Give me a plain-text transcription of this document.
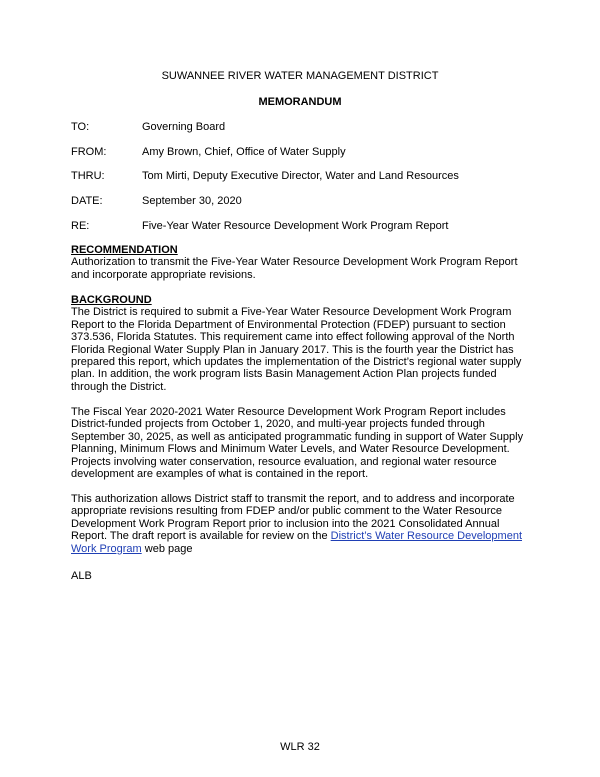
SUWANNEE RIVER WATER MANAGEMENT DISTRICT
MEMORANDUM
TO:	Governing Board
FROM:	Amy Brown, Chief, Office of Water Supply
THRU:	Tom Mirti, Deputy Executive Director, Water and Land Resources
DATE:	September 30, 2020
RE:	Five-Year Water Resource Development Work Program Report
RECOMMENDATION
Authorization to transmit the Five-Year Water Resource Development Work Program Report and incorporate appropriate revisions.
BACKGROUND
The District is required to submit a Five-Year Water Resource Development Work Program Report to the Florida Department of Environmental Protection (FDEP) pursuant to section 373.536, Florida Statutes. This requirement came into effect following approval of the North Florida Regional Water Supply Plan in January 2017. This is the fourth year the District has prepared this report, which updates the implementation of the District’s regional water supply plan. In addition, the work program lists Basin Management Action Plan projects funded through the District.
The Fiscal Year 2020-2021 Water Resource Development Work Program Report includes District-funded projects from October 1, 2020, and multi-year projects funded through September 30, 2025, as well as anticipated programmatic funding in support of Water Supply Planning, Minimum Flows and Minimum Water Levels, and Water Resource Development. Projects involving water conservation, resource evaluation, and regional water resource development are examples of what is contained in the report.
This authorization allows District staff to transmit the report, and to address and incorporate appropriate revisions resulting from FDEP and/or public comment to the Water Resource Development Work Program Report prior to inclusion into the 2021 Consolidated Annual Report. The draft report is available for review on the District’s Water Resource Development Work Program web page
ALB
WLR 32
